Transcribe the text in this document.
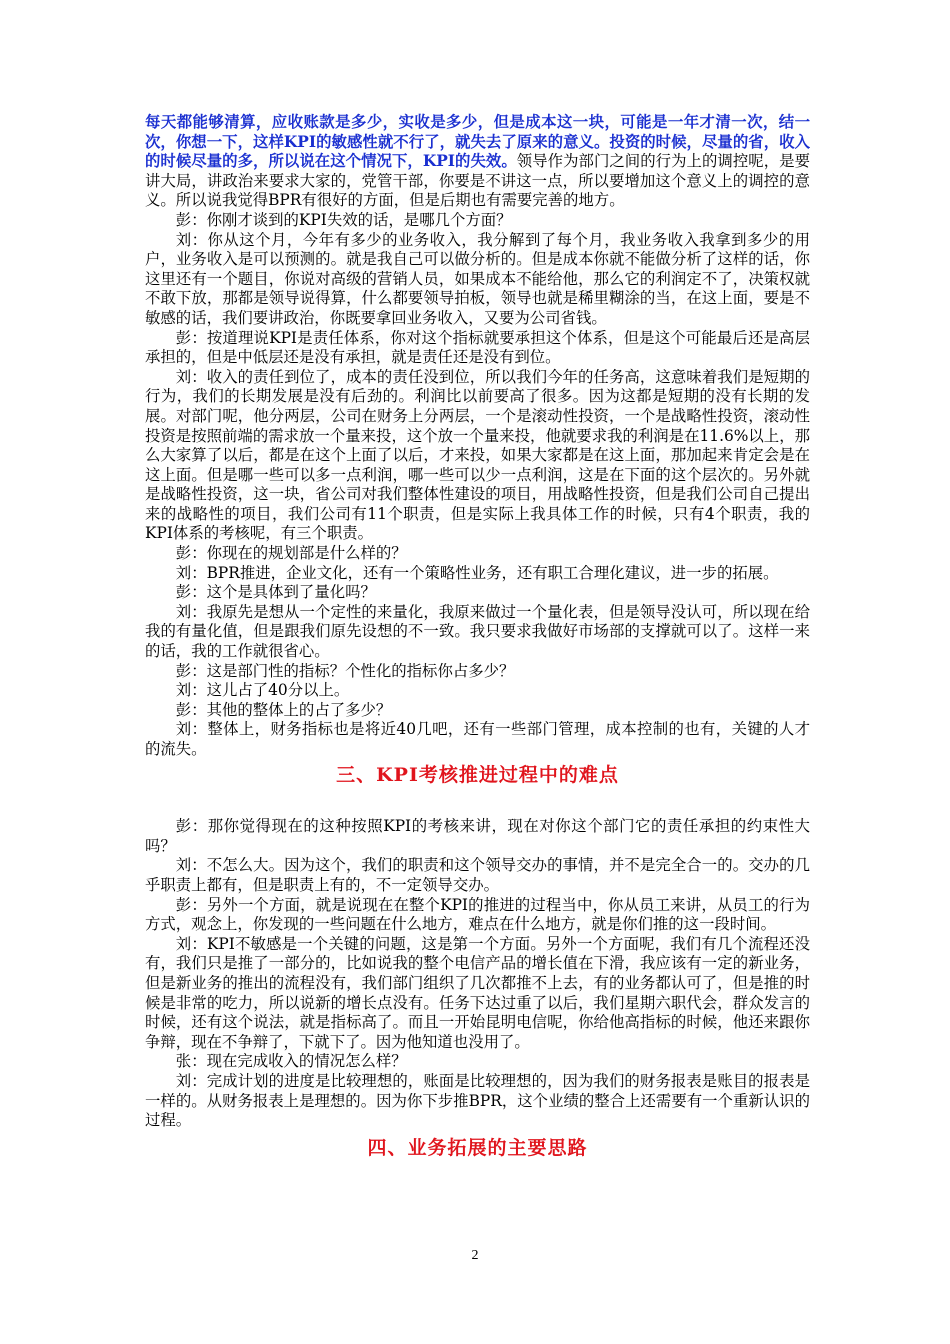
每天都能够清算，应收账款是多少，实收是多少，但是成本这一块，可能是一年才清一次，结一次，你想一下，这样KPI的敏感性就不行了，就失去了原来的意义。投资的时候，尽量的省，收入的时候尽量的多，所以说在这个情况下，KPI的失效。领导作为部门之间的行为上的调控呢，是要讲大局，讲政治来要求大家的，党管干部，你要是不讲这一点，所以要增加这个意义上的调控的意义。所以说我觉得BPR有很好的方面，但是后期也有需要完善的地方。

彭：你刚才谈到的KPI失效的话，是哪几个方面？

刘：你从这个月，今年有多少的业务收入，我分解到了每个月，我业务收入我拿到多少的用户，业务收入是可以预测的。就是我自己可以做分析的。但是成本你就不能做分析了这样的话，你这里还有一个题目，你说对高级的营销人员，如果成本不能给他，那么它的利润定不了，决策权就不敢下放，那都是领导说得算，什么都要领导拍板，领导也就是稀里糊涂的当，在这上面，要是不敏感的话，我们要讲政治，你既要拿回业务收入，又要为公司省钱。

彭：按道理说KPI是责任体系，你对这个指标就要承担这个体系，但是这个可能最后还是高层承担的，但是中低层还是没有承担，就是责任还是没有到位。

刘：收入的责任到位了，成本的责任没到位，所以我们今年的任务高，这意味着我们是短期的行为，我们的长期发展是没有后劲的。利润比以前要高了很多。因为这都是短期的没有长期的发展。对部门呢，他分两层，公司在财务上分两层，一个是滚动性投资，一个是战略性投资，滚动性投资是按照前端的需求放一个量来投，这个放一个量来投，他就要求我的利润是在11.6%以上，那么大家算了以后，都是在这个上面了以后，才来投，如果大家都是在这上面，那加起来肯定会是在这上面。但是哪一些可以多一点利润，哪一些可以少一点利润，这是在下面的这个层次的。另外就是战略性投资，这一块，省公司对我们整体性建设的项目，用战略性投资，但是我们公司自己提出来的战略性的项目，我们公司有11个职责，但是实际上我具体工作的时候，只有4个职责，我的KPI体系的考核呢，有三个职责。

彭：你现在的规划部是什么样的？

刘：BPR推进，企业文化，还有一个策略性业务，还有职工合理化建议，进一步的拓展。

彭：这个是具体到了量化吗？

刘：我原先是想从一个定性的来量化，我原来做过一个量化表，但是领导没认可，所以现在给我的有量化值，但是跟我们原先设想的不一致。我只要求我做好市场部的支撑就可以了。这样一来的话，我的工作就很省心。

彭：这是部门性的指标？个性化的指标你占多少？

刘：这儿占了40分以上。

彭：其他的整体上的占了多少？

刘：整体上，财务指标也是将近40几吧，还有一些部门管理，成本控制的也有，关键的人才的流失。

三、KPI考核推进过程中的难点

彭：那你觉得现在的这种按照KPI的考核来讲，现在对你这个部门它的责任承担的约束性大吗？

刘：不怎么大。因为这个，我们的职责和这个领导交办的事情，并不是完全合一的。交办的几乎职责上都有，但是职责上有的，不一定领导交办。

彭：另外一个方面，就是说现在在整个KPI的推进的过程当中，你从员工来讲，从员工的行为方式，观念上，你发现的一些问题在什么地方，难点在什么地方，就是你们推的这一段时间。

刘：KPI不敏感是一个关键的问题，这是第一个方面。另外一个方面呢，我们有几个流程还没有，我们只是推了一部分的，比如说我的整个电信产品的增长值在下滑，我应该有一定的新业务，但是新业务的推出的流程没有，我们部门组织了几次都推不上去，有的业务都认可了，但是推的时候是非常的吃力，所以说新的增长点没有。任务下达过重了以后，我们星期六职代会，群众发言的时候，还有这个说法，就是指标高了。而且一开始昆明电信呢，你给他高指标的时候，他还来跟你争辩，现在不争辩了，下就下了。因为他知道也没用了。

张：现在完成收入的情况怎么样？

刘：完成计划的进度是比较理想的，账面是比较理想的，因为我们的财务报表是账目的报表是一样的。从财务报表上是理想的。因为你下步推BPR，这个业绩的整合上还需要有一个重新认识的过程。

四、业务拓展的主要思路
2
